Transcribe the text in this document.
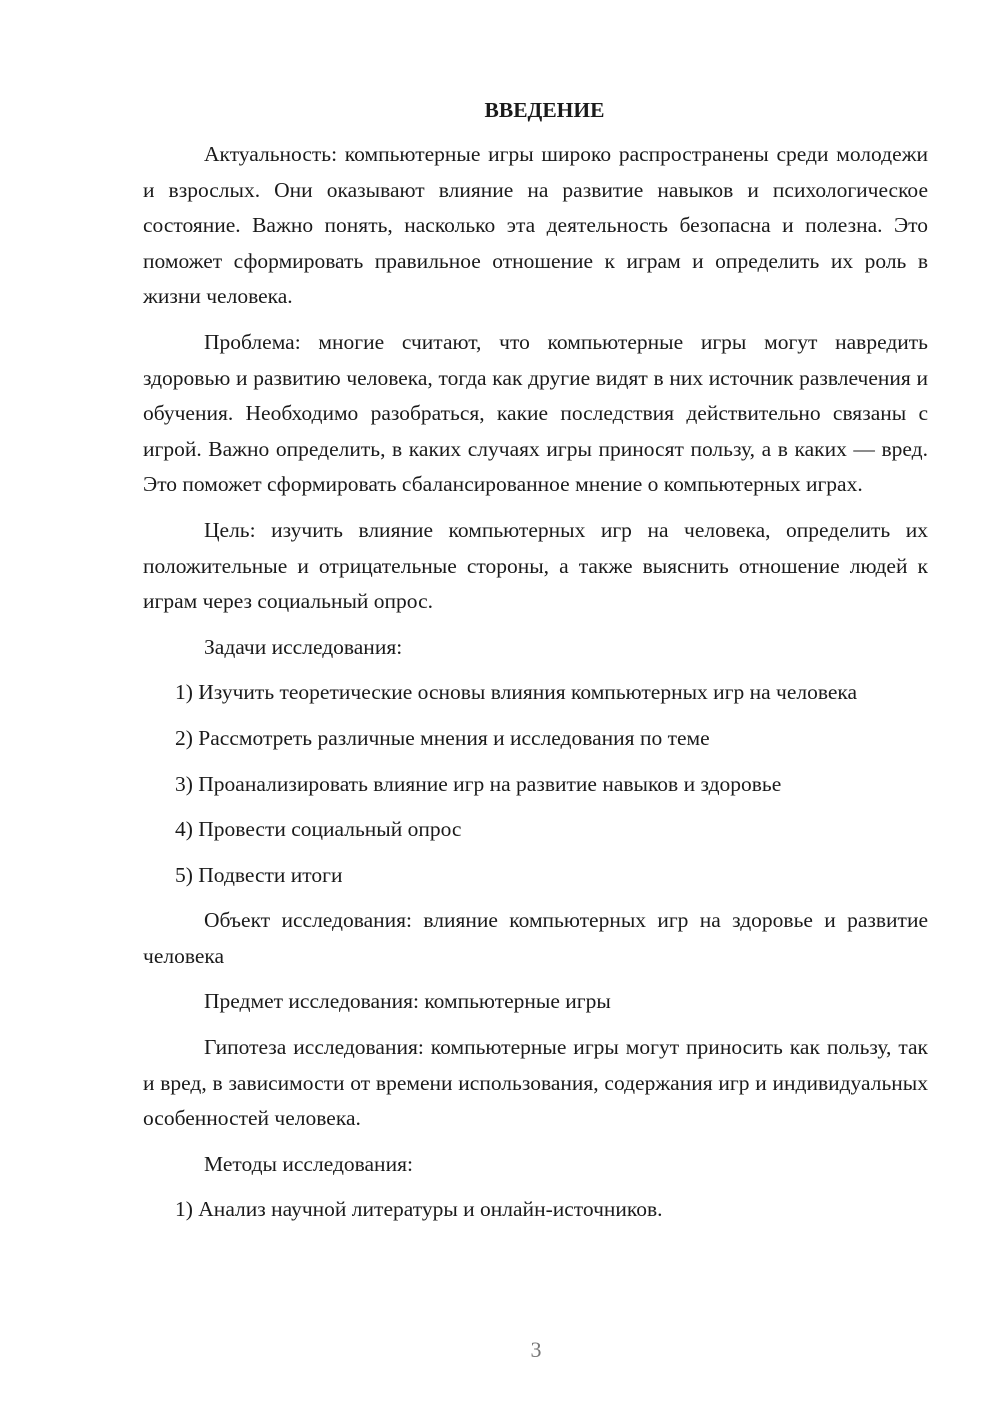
ВВЕДЕНИЕ

Актуальность: компьютерные игры широко распространены среди молодежи и взрослых. Они оказывают влияние на развитие навыков и психологическое состояние. Важно понять, насколько эта деятельность безопасна и полезна. Это поможет сформировать правильное отношение к играм и определить их роль в жизни человека.

Проблема: многие считают, что компьютерные игры могут навредить здоровью и развитию человека, тогда как другие видят в них источник развлечения и обучения. Необходимо разобраться, какие последствия действительно связаны с игрой. Важно определить, в каких случаях игры приносят пользу, а в каких — вред. Это поможет сформировать сбалансированное мнение о компьютерных играх.

Цель: изучить влияние компьютерных игр на человека, определить их положительные и отрицательные стороны, а также выяснить отношение людей к играм через социальный опрос.

Задачи исследования:

1) Изучить теоретические основы влияния компьютерных игр на человека

2) Рассмотреть различные мнения и исследования по теме

3) Проанализировать влияние игр на развитие навыков и здоровье

4) Провести социальный опрос

5) Подвести итоги

Объект исследования: влияние компьютерных игр на здоровье и развитие человека

Предмет исследования: компьютерные игры

Гипотеза исследования: компьютерные игры могут приносить как пользу, так и вред, в зависимости от времени использования, содержания игр и индивидуальных особенностей человека.

Методы исследования:

1) Анализ научной литературы и онлайн-источников.

3
